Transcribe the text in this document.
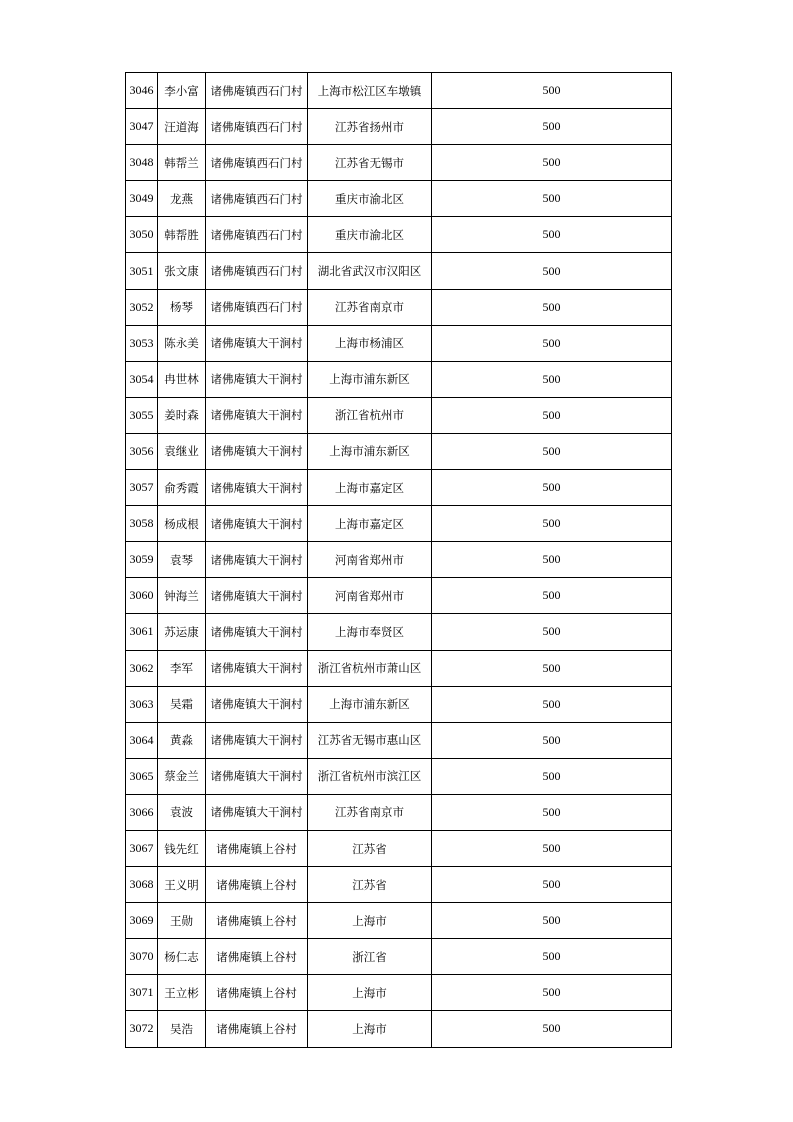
3046	李小富	诸佛庵镇西石门村	上海市松江区车墩镇	500
3047	汪道海	诸佛庵镇西石门村	江苏省扬州市	500
3048	韩帮兰	诸佛庵镇西石门村	江苏省无锡市	500
3049	龙燕	诸佛庵镇西石门村	重庆市渝北区	500
3050	韩帮胜	诸佛庵镇西石门村	重庆市渝北区	500
3051	张文康	诸佛庵镇西石门村	湖北省武汉市汉阳区	500
3052	杨琴	诸佛庵镇西石门村	江苏省南京市	500
3053	陈永美	诸佛庵镇大干涧村	上海市杨浦区	500
3054	冉世林	诸佛庵镇大干涧村	上海市浦东新区	500
3055	姜时森	诸佛庵镇大干涧村	浙江省杭州市	500
3056	袁继业	诸佛庵镇大干涧村	上海市浦东新区	500
3057	俞秀霞	诸佛庵镇大干涧村	上海市嘉定区	500
3058	杨成根	诸佛庵镇大干涧村	上海市嘉定区	500
3059	袁琴	诸佛庵镇大干涧村	河南省郑州市	500
3060	钟海兰	诸佛庵镇大干涧村	河南省郑州市	500
3061	苏运康	诸佛庵镇大干涧村	上海市奉贤区	500
3062	李军	诸佛庵镇大干涧村	浙江省杭州市萧山区	500
3063	吴霜	诸佛庵镇大干涧村	上海市浦东新区	500
3064	黄淼	诸佛庵镇大干涧村	江苏省无锡市惠山区	500
3065	蔡金兰	诸佛庵镇大干涧村	浙江省杭州市滨江区	500
3066	袁波	诸佛庵镇大干涧村	江苏省南京市	500
3067	钱先红	诸佛庵镇上谷村	江苏省	500
3068	王义明	诸佛庵镇上谷村	江苏省	500
3069	王勋	诸佛庵镇上谷村	上海市	500
3070	杨仁志	诸佛庵镇上谷村	浙江省	500
3071	王立彬	诸佛庵镇上谷村	上海市	500
3072	吴浩	诸佛庵镇上谷村	上海市	500
